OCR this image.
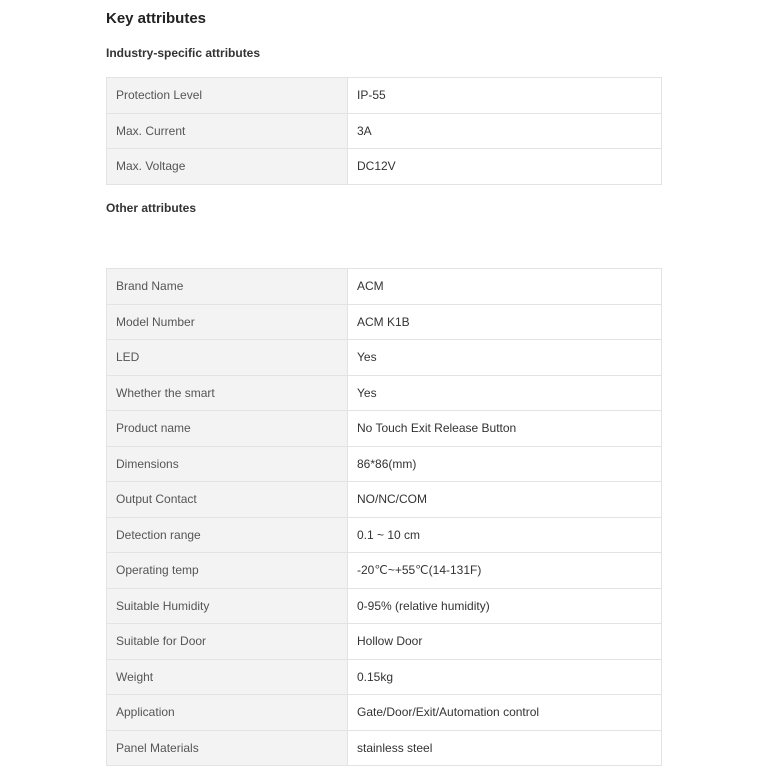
Key attributes
Industry-specific attributes
Protection Level	IP-55
Max. Current	3A
Max. Voltage	DC12V
Other attributes
Brand Name	ACM
Model Number	ACM K1B
LED	Yes
Whether the smart	Yes
Product name	No Touch Exit Release Button
Dimensions	86*86(mm)
Output Contact	NO/NC/COM
Detection range	0.1 ~ 10 cm
Operating temp	-20℃~+55℃(14-131F)
Suitable Humidity	0-95% (relative humidity)
Suitable for Door	Hollow Door
Weight	0.15kg
Application	Gate/Door/Exit/Automation control
Panel Materials	stainless steel
